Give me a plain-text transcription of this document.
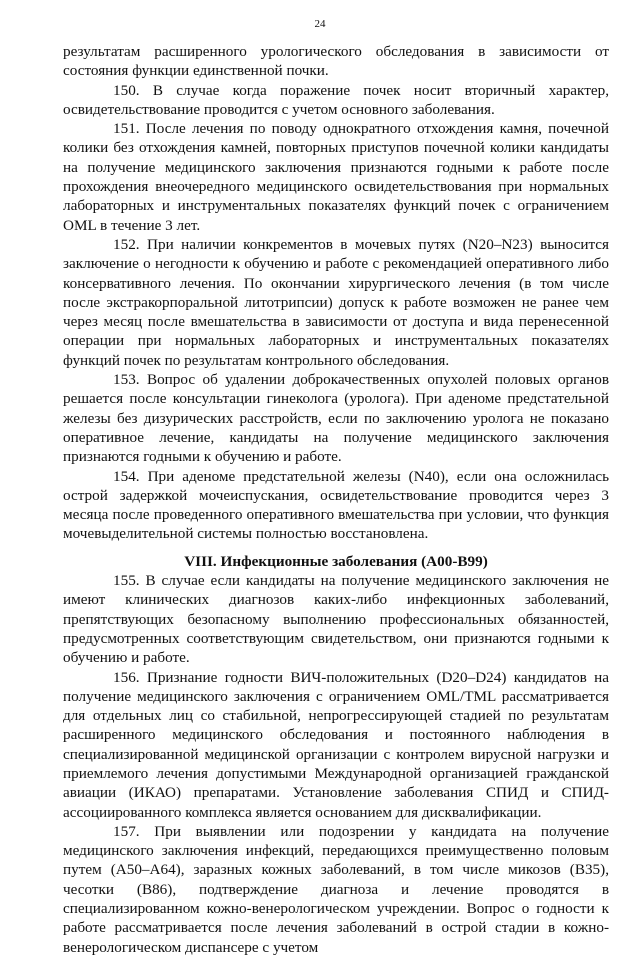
24

результатам расширенного урологического обследования в зависимости от состояния функции единственной почки.

150. В случае когда поражение почек носит вторичный характер, освидетельствование проводится с учетом основного заболевания.

151. После лечения по поводу однократного отхождения камня, почечной колики без отхождения камней, повторных приступов почечной колики кандидаты на получение медицинского заключения признаются годными к работе после прохождения внеочередного медицинского освидетельствования при нормальных лабораторных и инструментальных показателях функций почек с ограничением OML в течение 3 лет.

152. При наличии конкрементов в мочевых путях (N20–N23) выносится заключение о негодности к обучению и работе с рекомендацией оперативного либо консервативного лечения. По окончании хирургического лечения (в том числе после экстракорпоральной литотрипсии) допуск к работе возможен не ранее чем через месяц после вмешательства в зависимости от доступа и вида перенесенной операции при нормальных лабораторных и инструментальных показателях функций почек по результатам контрольного обследования.

153. Вопрос об удалении доброкачественных опухолей половых органов решается после консультации гинеколога (уролога). При аденоме предстательной железы без дизурических расстройств, если по заключению уролога не показано оперативное лечение, кандидаты на получение медицинского заключения признаются годными к обучению и работе.

154. При аденоме предстательной железы (N40), если она осложнилась острой задержкой мочеиспускания, освидетельствование проводится через 3 месяца после проведенного оперативного вмешательства при условии, что функция мочевыделительной системы полностью восстановлена.

VIII. Инфекционные заболевания (A00-B99)

155. В случае если кандидаты на получение медицинского заключения не имеют клинических диагнозов каких-либо инфекционных заболеваний, препятствующих безопасному выполнению профессиональных обязанностей, предусмотренных соответствующим свидетельством, они признаются годными к обучению и работе.

156. Признание годности ВИЧ-положительных (D20–D24) кандидатов на получение медицинского заключения с ограничением OML/TML рассматривается для отдельных лиц со стабильной, непрогрессирующей стадией по результатам расширенного медицинского обследования и постоянного наблюдения в специализированной медицинской организации с контролем вирусной нагрузки и приемлемого лечения допустимыми Международной организацией гражданской авиации (ИКАО) препаратами. Установление заболевания СПИД и СПИД-ассоциированного комплекса является основанием для дисквалификации.

157. При выявлении или подозрении у кандидата на получение медицинского заключения инфекций, передающихся преимущественно половым путем (А50–А64), заразных кожных заболеваний, в том числе микозов (В35), чесотки (В86), подтверждение диагноза и лечение проводятся в специализированном кожно-венерологическом учреждении. Вопрос о годности к работе рассматривается после лечения заболеваний в острой стадии в кожно-венерологическом диспансере с учетом
